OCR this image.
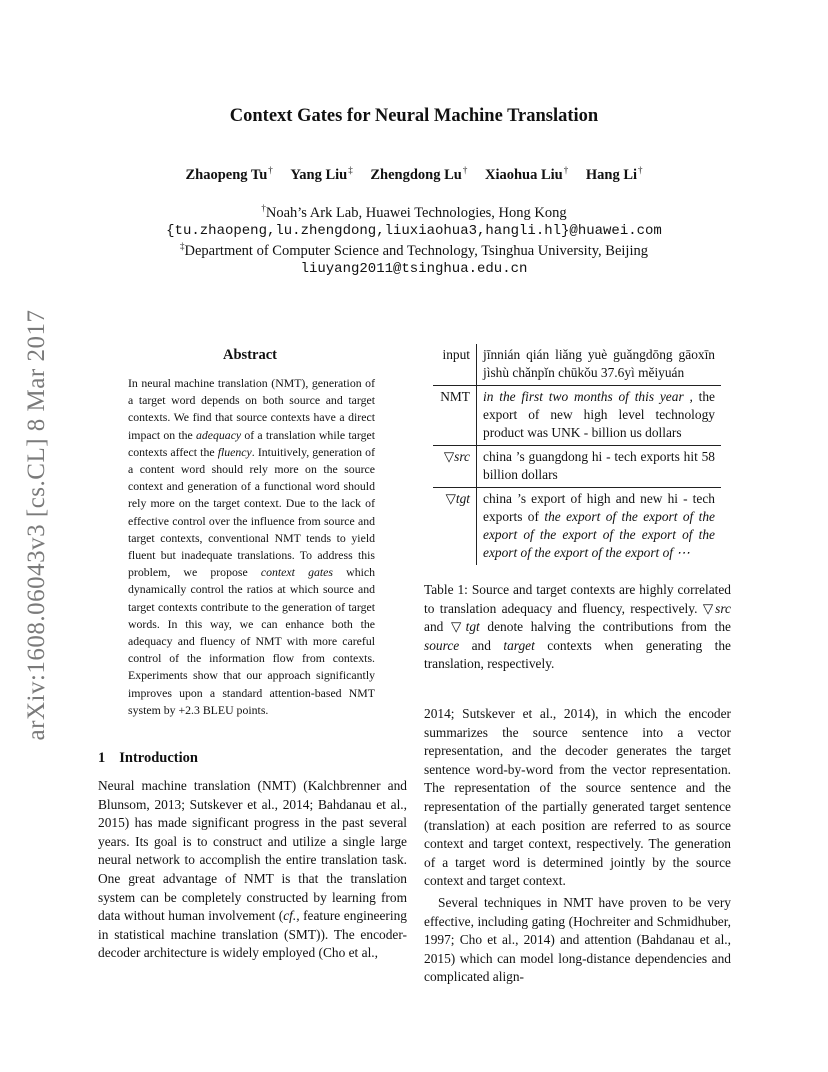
arXiv:1608.06043v3 [cs.CL] 8 Mar 2017
Context Gates for Neural Machine Translation
Zhaopeng Tu† Yang Liu‡ Zhengdong Lu† Xiaohua Liu† Hang Li†
†Noah’s Ark Lab, Huawei Technologies, Hong Kong
{tu.zhaopeng,lu.zhengdong,liuxiaohua3,hangli.hl}@huawei.com
‡Department of Computer Science and Technology, Tsinghua University, Beijing
liuyang2011@tsinghua.edu.cn
Abstract
In neural machine translation (NMT), generation of a target word depends on both source and target contexts. We find that source contexts have a direct impact on the adequacy of a translation while target contexts affect the fluency. Intuitively, generation of a content word should rely more on the source context and generation of a functional word should rely more on the target context. Due to the lack of effective control over the influence from source and target contexts, conventional NMT tends to yield fluent but inadequate translations. To address this problem, we propose context gates which dynamically control the ratios at which source and target contexts contribute to the generation of target words. In this way, we can enhance both the adequacy and fluency of NMT with more careful control of the information flow from contexts. Experiments show that our approach significantly improves upon a standard attention-based NMT system by +2.3 BLEU points.
1 Introduction
Neural machine translation (NMT) (Kalchbrenner and Blunsom, 2013; Sutskever et al., 2014; Bahdanau et al., 2015) has made significant progress in the past several years. Its goal is to construct and utilize a single large neural network to accomplish the entire translation task. One great advantage of NMT is that the translation system can be completely constructed by learning from data without human involvement (cf., feature engineering in statistical machine translation (SMT)). The encoder-decoder architecture is widely employed (Cho et al.,
input	jīnnián qián liǎng yuè guǎngdōng gāoxīn jìshù chǎnpǐn chūkǒu 37.6yì měiyuán
NMT	in the first two months of this year , the export of new high level technology product was UNK - billion us dollars
▽src	china ’s guangdong hi - tech exports hit 58 billion dollars
▽tgt	china ’s export of high and new hi - tech exports of the export of the export of the export of the export of the export of the export of the export of the export of ⋯
Table 1: Source and target contexts are highly correlated to translation adequacy and fluency, respectively. ▽src and ▽tgt denote halving the contributions from the source and target contexts when generating the translation, respectively.
2014; Sutskever et al., 2014), in which the encoder summarizes the source sentence into a vector representation, and the decoder generates the target sentence word-by-word from the vector representation. The representation of the source sentence and the representation of the partially generated target sentence (translation) at each position are referred to as source context and target context, respectively. The generation of a target word is determined jointly by the source context and target context.
Several techniques in NMT have proven to be very effective, including gating (Hochreiter and Schmidhuber, 1997; Cho et al., 2014) and attention (Bahdanau et al., 2015) which can model long-distance dependencies and complicated align-
